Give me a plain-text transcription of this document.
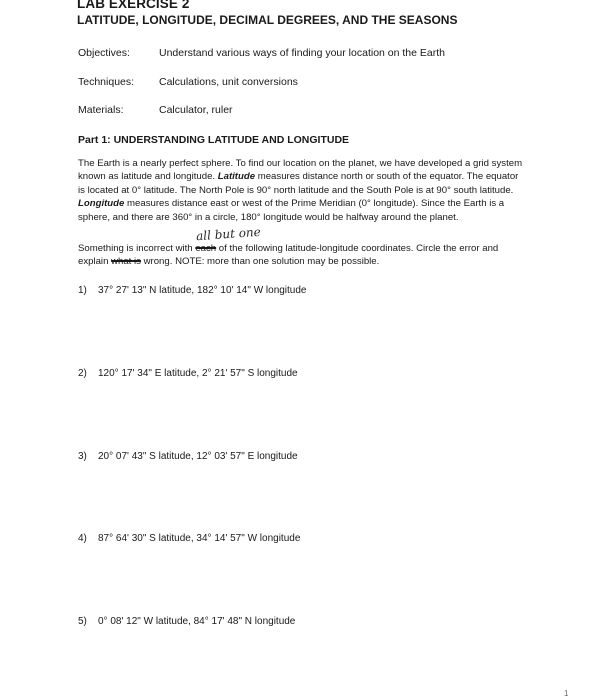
LAB EXERCISE 2
LATITUDE, LONGITUDE, DECIMAL DEGREES, AND THE SEASONS
Objectives:	Understand various ways of finding your location on the Earth
Techniques: Calculations, unit conversions
Materials:	Calculator, ruler
Part 1: UNDERSTANDING LATITUDE AND LONGITUDE
The Earth is a nearly perfect sphere. To find our location on the planet, we have developed a grid system
known as latitude and longitude. Latitude measures distance north or south of the equator. The equator
is located at 0° latitude. The North Pole is 90° north latitude and the South Pole is at 90° south latitude.
Longitude measures distance east or west of the Prime Meridian (0° longitude). Since the Earth is a
sphere, and there are 360° in a circle, 180° longitude would be halfway around the planet.
all but one
Something is incorrect with each of the following latitude-longitude coordinates. Circle the error and
explain what is wrong. NOTE: more than one solution may be possible.
1) 37° 27' 13" N latitude, 182° 10' 14" W longitude
2) 120° 17' 34" E latitude, 2° 21' 57" S longitude
3) 20° 07' 43" S latitude, 12° 03' 57" E longitude
4) 87° 64' 30" S latitude, 34° 14' 57" W longitude
5) 0° 08' 12" W latitude, 84° 17' 48" N longitude
1
